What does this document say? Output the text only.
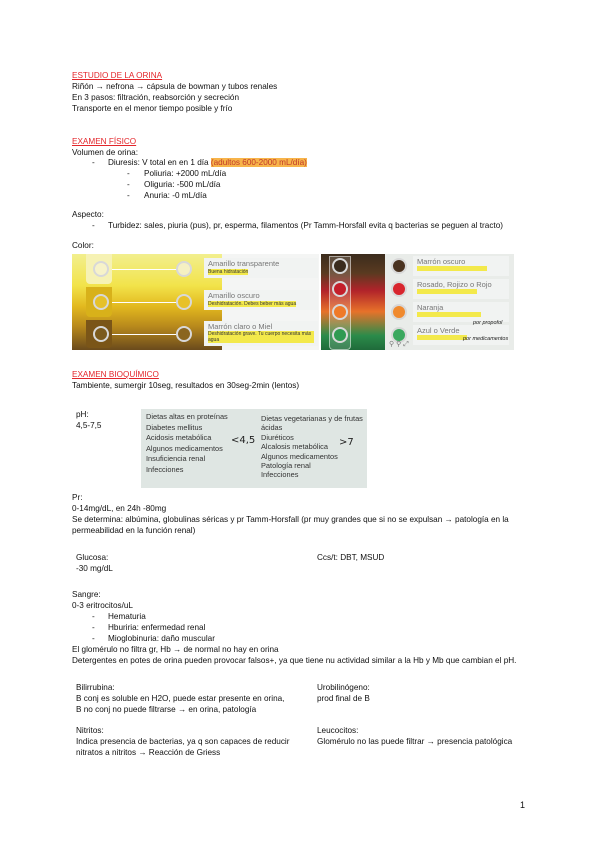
ESTUDIO DE LA ORINA
Riñón → nefrona → cápsula de bowman y tubos renales
En 3 pasos: filtración, reabsorción y secreción
Transporte en el menor tiempo posible y frío
EXAMEN FÍSICO
Volumen de orina:
- Diuresis: V total en en 1 día (adultos 600-2000 mL/día)
- Poliuria: +2000 mL/día
- Oliguria: -500 mL/día
- Anuria: -0 mL/día
Aspecto:
- Turbidez: sales, piuria (pus), pr, esperma, filamentos (Pr Tamm-Horsfall evita q bacterias se peguen al tracto)
Color:
Amarillo transparente
Buena hidratación
Amarillo oscuro
Deshidratación. Debes beber más agua
Marrón claro o Miel
Deshidratación grave. Tu cuerpo necesita más agua
Marrón oscuro
Rosado, Rojizo o Rojo
Naranja
Azul o Verde
por propofol
por medicamentos
⚲ ⚲ ⤢
EXAMEN BIOQUÍMICO
Tambiente, sumergir 10seg, resultados en 30seg-2min (lentos)
pH:
4,5-7,5
Dietas altas en proteínas
Diabetes mellitus
Acidosis metabólica
Algunos medicamentos
Insuficiencia renal
Infecciones
<4,5
Dietas vegetarianas y de frutas ácidas
Diuréticos
Alcalosis metabólica
Algunos medicamentos
Patología renal
Infecciones
>7
Pr:
0-14mg/dL, en 24h -80mg
Se determina: albúmina, globulinas séricas y pr Tamm-Horsfall (pr muy grandes que si no se expulsan → patología en la
permeabilidad en la función renal)
Glucosa:
-30 mg/dL
Ccs/t: DBT, MSUD
Sangre:
0-3 eritrocitos/uL
- Hematuria
- Hburiria: enfermedad renal
- Mioglobinuria: daño muscular
El glomérulo no filtra gr, Hb → de normal no hay en orina
Detergentes en potes de orina pueden provocar falsos+, ya que tiene nu actividad similar a la Hb y Mb que cambian el pH.
Bilirrubina:
B conj es soluble en H2O, puede estar presente en orina,
B no conj no puede filtrarse → en orina, patología
Urobilinógeno:
prod final de B
Nitritos:
Indica presencia de bacterias, ya q son capaces de reducir
nitratos a nitritos → Reacción de Griess
Leucocitos:
Glomérulo no las puede filtrar → presencia patológica
1
